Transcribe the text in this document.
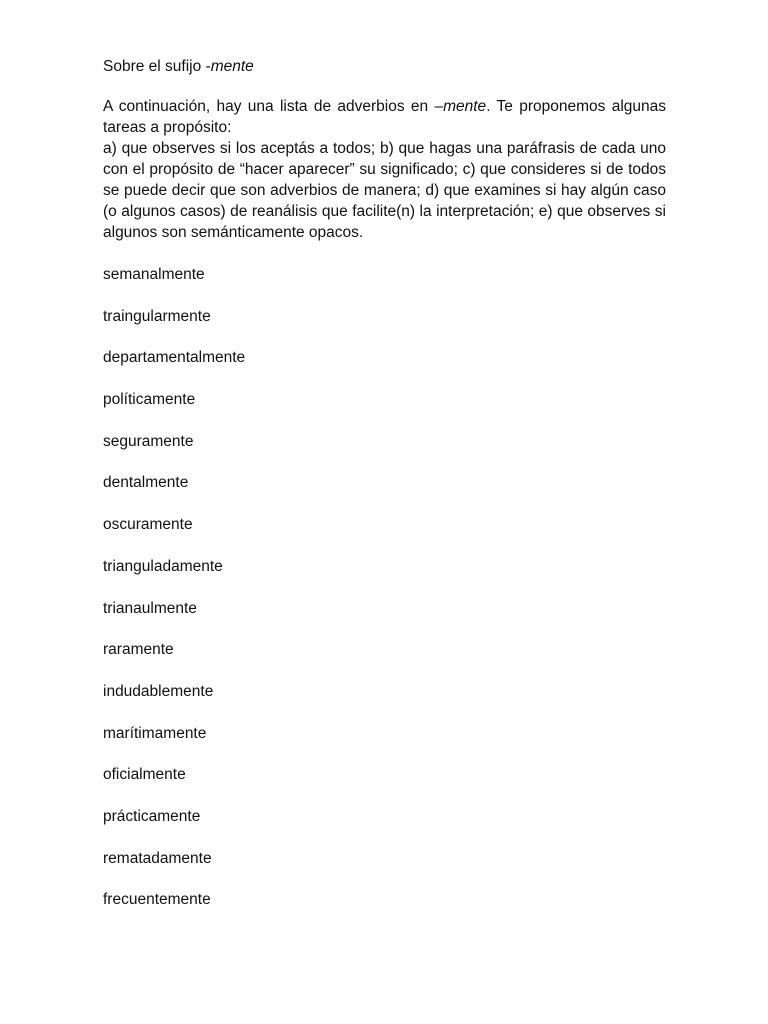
Sobre el sufijo -mente

A continuación, hay una lista de adverbios en –mente. Te proponemos algunas tareas a propósito:

a) que observes si los aceptás a todos; b) que hagas una paráfrasis de cada uno con el propósito de “hacer aparecer” su significado; c) que consideres si de todos se puede decir que son adverbios de manera; d) que examines si hay algún caso (o algunos casos) de reanálisis que facilite(n) la interpretación; e) que observes si algunos son semánticamente opacos.

semanalmente
traingularmente
departamentalmente
políticamente
seguramente
dentalmente
oscuramente
trianguladamente
trianaulmente
raramente
indudablemente
marítimamente
oficialmente
prácticamente
rematadamente
frecuentemente
